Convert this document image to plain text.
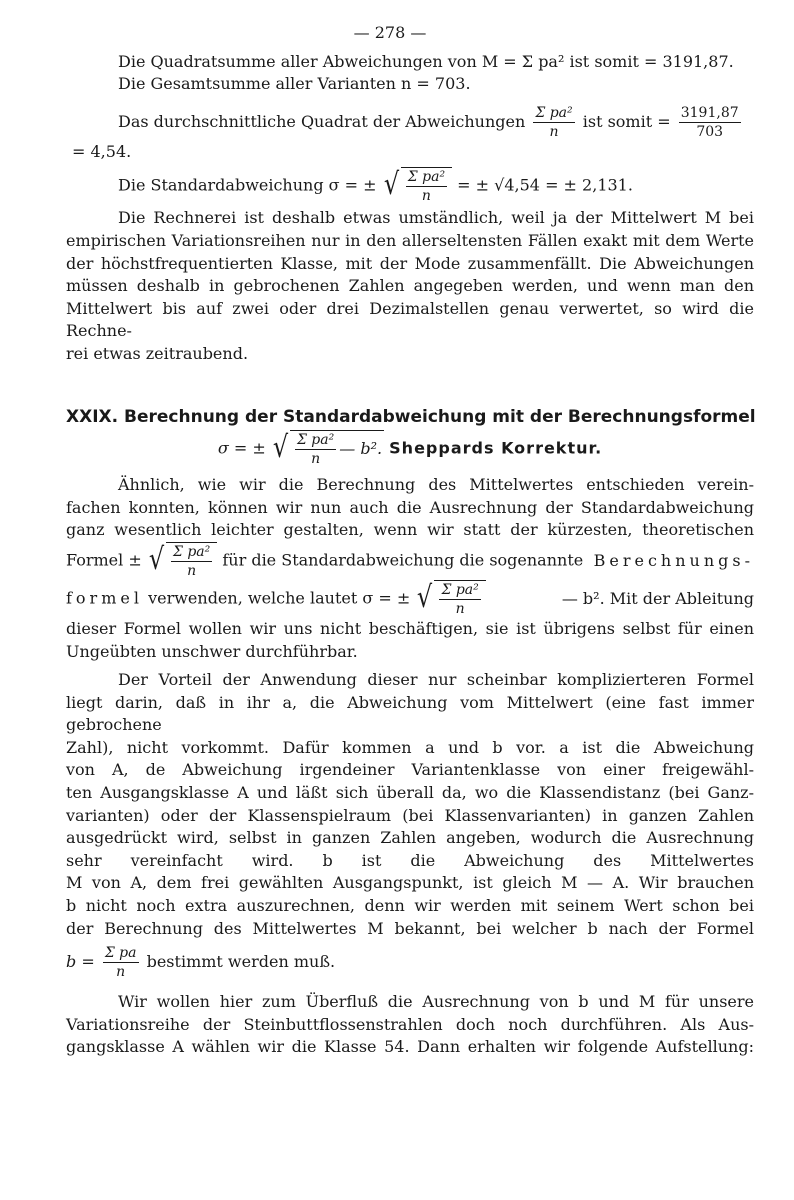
— 278 —
Die Quadratsumme aller Abweichungen von M = Σ pa² ist somit = 3191,87.
Die Gesamtsumme aller Varianten n = 703.
Das durchschnittliche Quadrat der Abweichungen $\frac{\text{Σ pa²}}{n}$ ist somit = $\frac{3191,87}{703}$
= 4,54.
Die Standardabweichung σ = ± √ $\frac{\text{Σ pa²}}{n}$ = ± √4,54 = ± 2,131.
Die Rechnerei ist deshalb etwas umständlich, weil ja der Mittelwert M bei
empirischen Variationsreihen nur in den allerseltensten Fällen exakt mit dem Werte
der höchstfrequentierten Klasse, mit der Mode zusammenfällt. Die Abweichungen
müssen deshalb in gebrochenen Zahlen angegeben werden, und wenn man den
Mittelwert bis auf zwei oder drei Dezimalstellen genau verwertet, so wird die Rechne-
rei etwas zeitraubend.
XXIX. Berechnung der Standardabweichung mit der Berechnungsformel
σ = ± √ $\frac{\text{Σ pa²}}{n}$ — b². Sheppards Korrektur.
Ähnlich, wie wir die Berechnung des Mittelwertes entschieden verein-
fachen konnten, können wir nun auch die Ausrechnung der Standardabweichung
ganz wesentlich leichter gestalten, wenn wir statt der kürzesten, theoretischen
Formel ± √ $\frac{\text{Σ pa²}}{n}$ für die Standardabweichung die sogenannte Berechnungs-
formel verwenden, welche lautet σ = ± √ $\frac{\text{Σ pa²}}{n}$	— b². Mit der Ableitung
dieser Formel wollen wir uns nicht beschäftigen, sie ist übrigens selbst für einen
Ungeübten unschwer durchführbar.
Der Vorteil der Anwendung dieser nur scheinbar komplizierteren Formel
liegt darin, daß in ihr a, die Abweichung vom Mittelwert (eine fast immer gebrochene
Zahl), nicht vorkommt. Dafür kommen a und b vor. a ist die Abweichung
von A, de Abweichung irgendeiner Variantenklasse von einer freigewähl-
ten Ausgangsklasse A und läßt sich überall da, wo die Klassendistanz (bei Ganz-
varianten) oder der Klassenspielraum (bei Klassenvarianten) in ganzen Zahlen
ausgedrückt wird, selbst in ganzen Zahlen angeben, wodurch die Ausrechnung
sehr vereinfacht wird. b ist die Abweichung des Mittelwertes
M von A, dem frei gewählten Ausgangspunkt, ist gleich M — A. Wir brauchen
b nicht noch extra auszurechnen, denn wir werden mit seinem Wert schon bei
der Berechnung des Mittelwertes M bekannt, bei welcher b nach der Formel
$b = \frac{\text{Σ pa}}{n}$ bestimmt werden muß.
Wir wollen hier zum Überfluß die Ausrechnung von b und M für unsere
Variationsreihe der Steinbuttflossenstrahlen doch noch durchführen. Als Aus-
gangsklasse A wählen wir die Klasse 54. Dann erhalten wir folgende Aufstellung:
